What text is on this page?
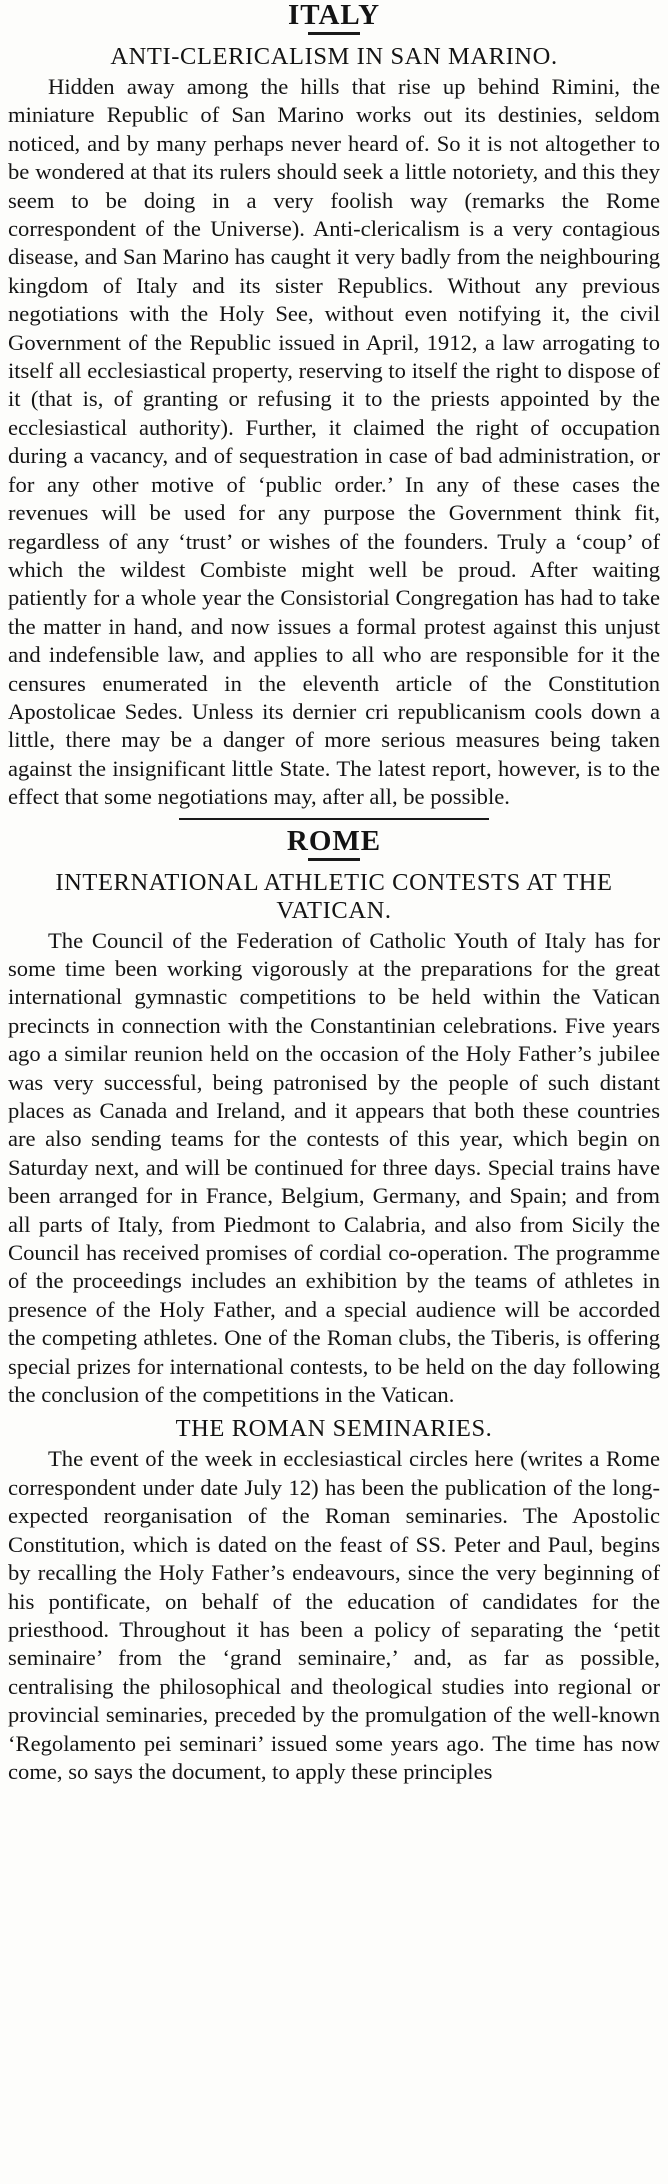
ITALY
ANTI-CLERICALISM IN SAN MARINO.

Hidden away among the hills that rise up behind Rimini, the miniature Republic of San Marino works out its destinies, seldom noticed, and by many perhaps never heard of. So it is not altogether to be wondered at that its rulers should seek a little notoriety, and this they seem to be doing in a very foolish way (remarks the Rome correspondent of the Universe). Anti-clericalism is a very contagious disease, and San Marino has caught it very badly from the neighbouring kingdom of Italy and its sister Republics. Without any previous negotiations with the Holy See, without even notifying it, the civil Government of the Republic issued in April, 1912, a law arrogating to itself all ecclesiastical property, reserving to itself the right to dispose of it (that is, of granting or refusing it to the priests appointed by the ecclesiastical authority). Further, it claimed the right of occupation during a vacancy, and of sequestration in case of bad administration, or for any other motive of ‘public order.’ In any of these cases the revenues will be used for any purpose the Government think fit, regardless of any ‘trust’ or wishes of the founders. Truly a ‘coup’ of which the wildest Combiste might well be proud. After waiting patiently for a whole year the Consistorial Congregation has had to take the matter in hand, and now issues a formal protest against this unjust and indefensible law, and applies to all who are responsible for it the censures enumerated in the eleventh article of the Constitution Apostolicae Sedes. Unless its dernier cri republicanism cools down a little, there may be a danger of more serious measures being taken against the insignificant little State. The latest report, however, is to the effect that some negotiations may, after all, be possible.

ROME
INTERNATIONAL ATHLETIC CONTESTS AT THE VATICAN.

The Council of the Federation of Catholic Youth of Italy has for some time been working vigorously at the preparations for the great international gymnastic competitions to be held within the Vatican precincts in connection with the Constantinian celebrations. Five years ago a similar reunion held on the occasion of the Holy Father’s jubilee was very successful, being patronised by the people of such distant places as Canada and Ireland, and it appears that both these countries are also sending teams for the contests of this year, which begin on Saturday next, and will be continued for three days. Special trains have been arranged for in France, Belgium, Germany, and Spain; and from all parts of Italy, from Piedmont to Calabria, and also from Sicily the Council has received promises of cordial co-operation. The programme of the proceedings includes an exhibition by the teams of athletes in presence of the Holy Father, and a special audience will be accorded the competing athletes. One of the Roman clubs, the Tiberis, is offering special prizes for international contests, to be held on the day following the conclusion of the competitions in the Vatican.

THE ROMAN SEMINARIES.

The event of the week in ecclesiastical circles here (writes a Rome correspondent under date July 12) has been the publication of the long-expected reorganisation of the Roman seminaries. The Apostolic Constitution, which is dated on the feast of SS. Peter and Paul, begins by recalling the Holy Father’s endeavours, since the very beginning of his pontificate, on behalf of the education of candidates for the priesthood. Throughout it has been a policy of separating the ‘petit seminaire’ from the ‘grand seminaire,’ and, as far as possible, centralising the philosophical and theological studies into regional or provincial seminaries, preceded by the promulgation of the well-known ‘Regolamento pei seminari’ issued some years ago. The time has now come, so says the document, to apply these principles
